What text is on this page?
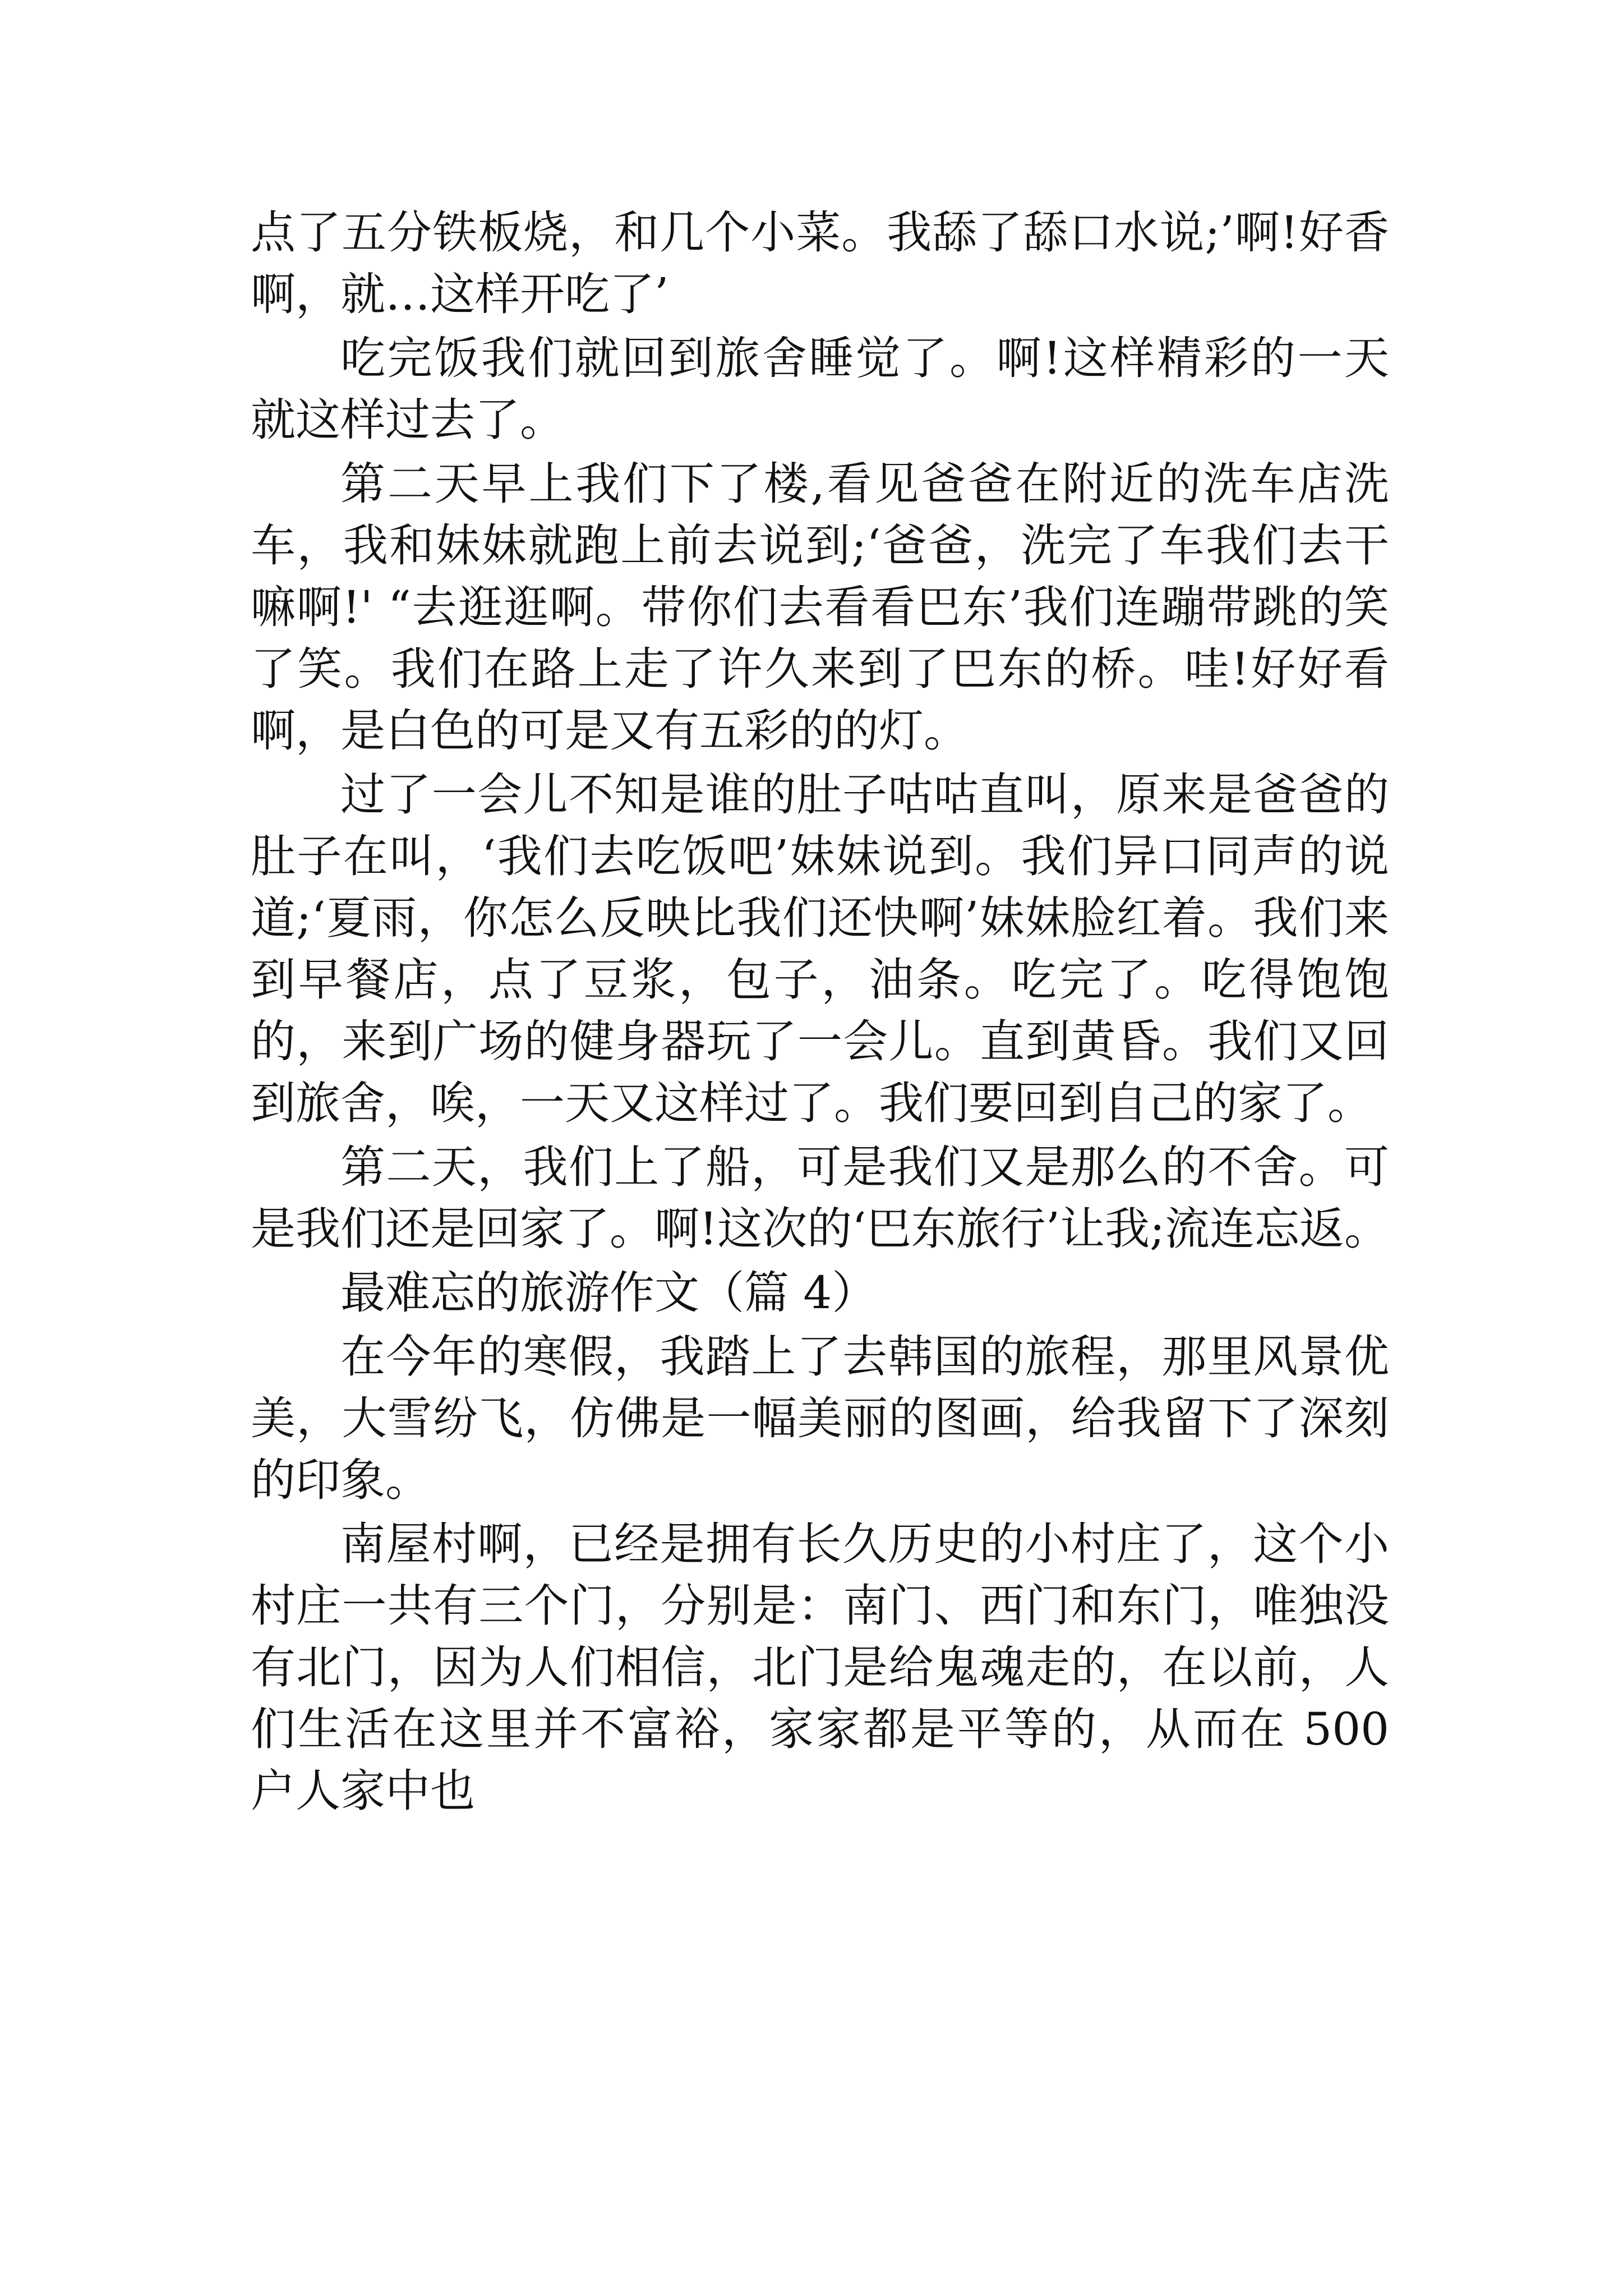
点了五分铁板烧，和几个小菜。我舔了舔口水说;’啊!好香啊，就…这样开吃了’

吃完饭我们就回到旅舍睡觉了。啊!这样精彩的一天就这样过去了。

第二天早上我们下了楼,看见爸爸在附近的洗车店洗车，我和妹妹就跑上前去说到;‘爸爸，洗完了车我们去干嘛啊!' “去逛逛啊。带你们去看看巴东’我们连蹦带跳的笑了笑。我们在路上走了许久来到了巴东的桥。哇!好好看啊，是白色的可是又有五彩的的灯。

过了一会儿不知是谁的肚子咕咕直叫，原来是爸爸的肚子在叫，‘我们去吃饭吧’妹妹说到。我们异口同声的说道;‘夏雨，你怎么反映比我们还快啊’妹妹脸红着。我们来到早餐店，点了豆浆，包子，油条。吃完了。吃得饱饱的，来到广场的健身器玩了一会儿。直到黄昏。我们又回到旅舍，唉，一天又这样过了。我们要回到自己的家了。

第二天，我们上了船，可是我们又是那么的不舍。可是我们还是回家了。啊!这次的‘巴东旅行’让我;流连忘返。

最难忘的旅游作文（篇 4）

在今年的寒假，我踏上了去韩国的旅程，那里风景优美，大雪纷飞，仿佛是一幅美丽的图画，给我留下了深刻的印象。

南屋村啊，已经是拥有长久历史的小村庄了，这个小村庄一共有三个门，分别是：南门、西门和东门，唯独没有北门，因为人们相信，北门是给鬼魂走的，在以前，人们生活在这里并不富裕，家家都是平等的，从而在 500 户人家中也
